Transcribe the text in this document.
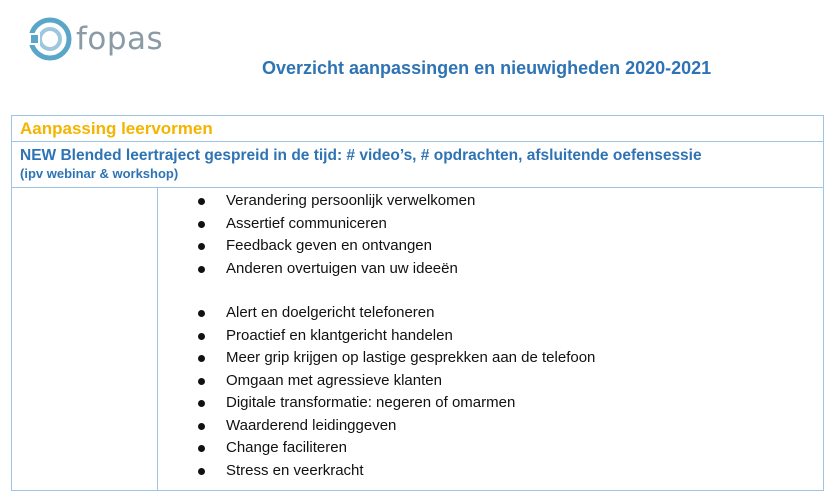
fopas
Overzicht aanpassingen en nieuwigheden 2020-2021
Aanpassing leervormen
NEW Blended leertraject gespreid in de tijd: # video’s, # opdrachten, afsluitende oefensessie
(ipv webinar & workshop)
Verandering persoonlijk verwelkomen
Assertief communiceren
Feedback geven en ontvangen
Anderen overtuigen van uw ideeën
Alert en doelgericht telefoneren
Proactief en klantgericht handelen
Meer grip krijgen op lastige gesprekken aan de telefoon
Omgaan met agressieve klanten
Digitale transformatie: negeren of omarmen
Waarderend leidinggeven
Change faciliteren
Stress en veerkracht
